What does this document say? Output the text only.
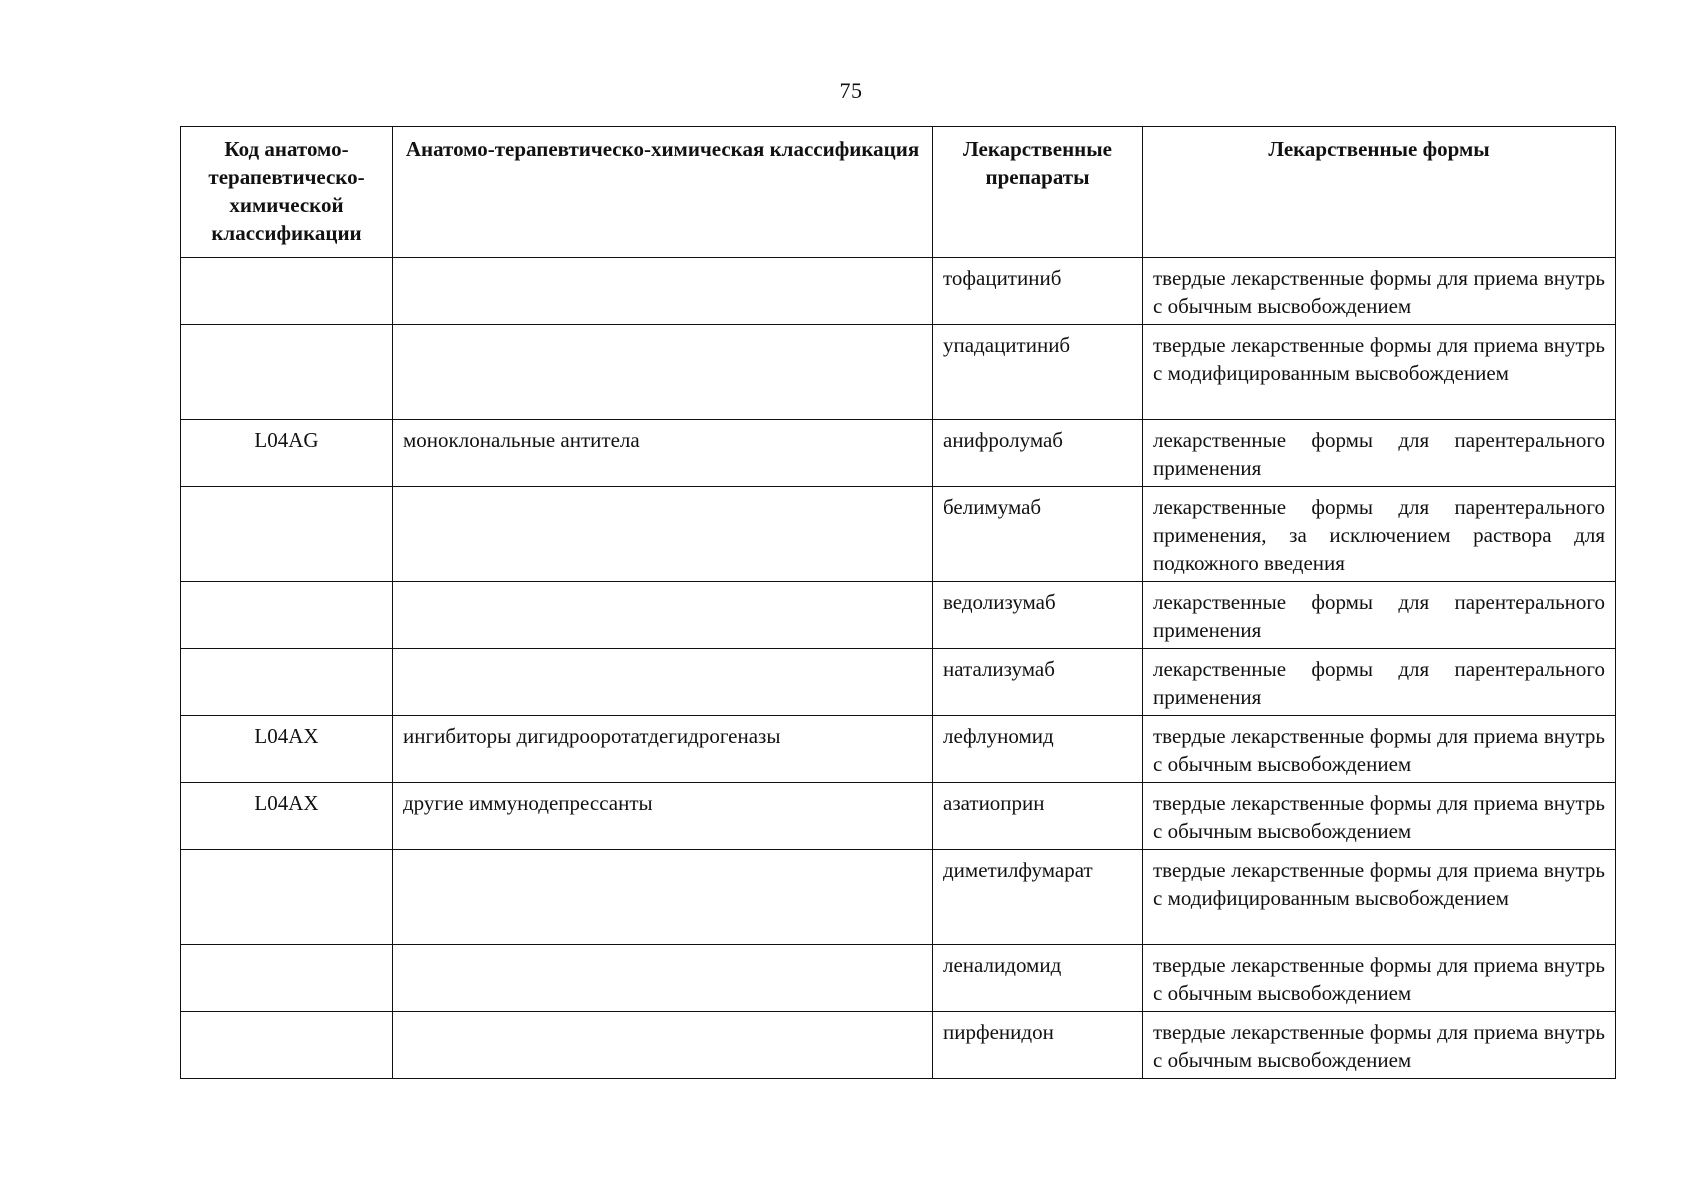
75
Код анатомо-терапевтическо-химической классификации	Анатомо-терапевтическо-химическая классификация	Лекарственные препараты	Лекарственные формы
		тофацитиниб	твердые лекарственные формы для приема внутрь с обычным высвобождением
		упадацитиниб	твердые лекарственные формы для приема внутрь с модифицированным высвобождением
L04AG	моноклональные антитела	анифролумаб	лекарственные формы для парентерального применения
		белимумаб	лекарственные формы для парентерального применения, за исключением раствора для подкожного введения
		ведолизумаб	лекарственные формы для парентерального применения
		натализумаб	лекарственные формы для парентерального применения
L04AX	ингибиторы дигидрооротатдегидрогеназы	лефлуномид	твердые лекарственные формы для приема внутрь с обычным высвобождением
L04AX	другие иммунодепрессанты	азатиоприн	твердые лекарственные формы для приема внутрь с обычным высвобождением
		диметилфумарат	твердые лекарственные формы для приема внутрь с модифицированным высвобождением
		леналидомид	твердые лекарственные формы для приема внутрь с обычным высвобождением
		пирфенидон	твердые лекарственные формы для приема внутрь с обычным высвобождением
